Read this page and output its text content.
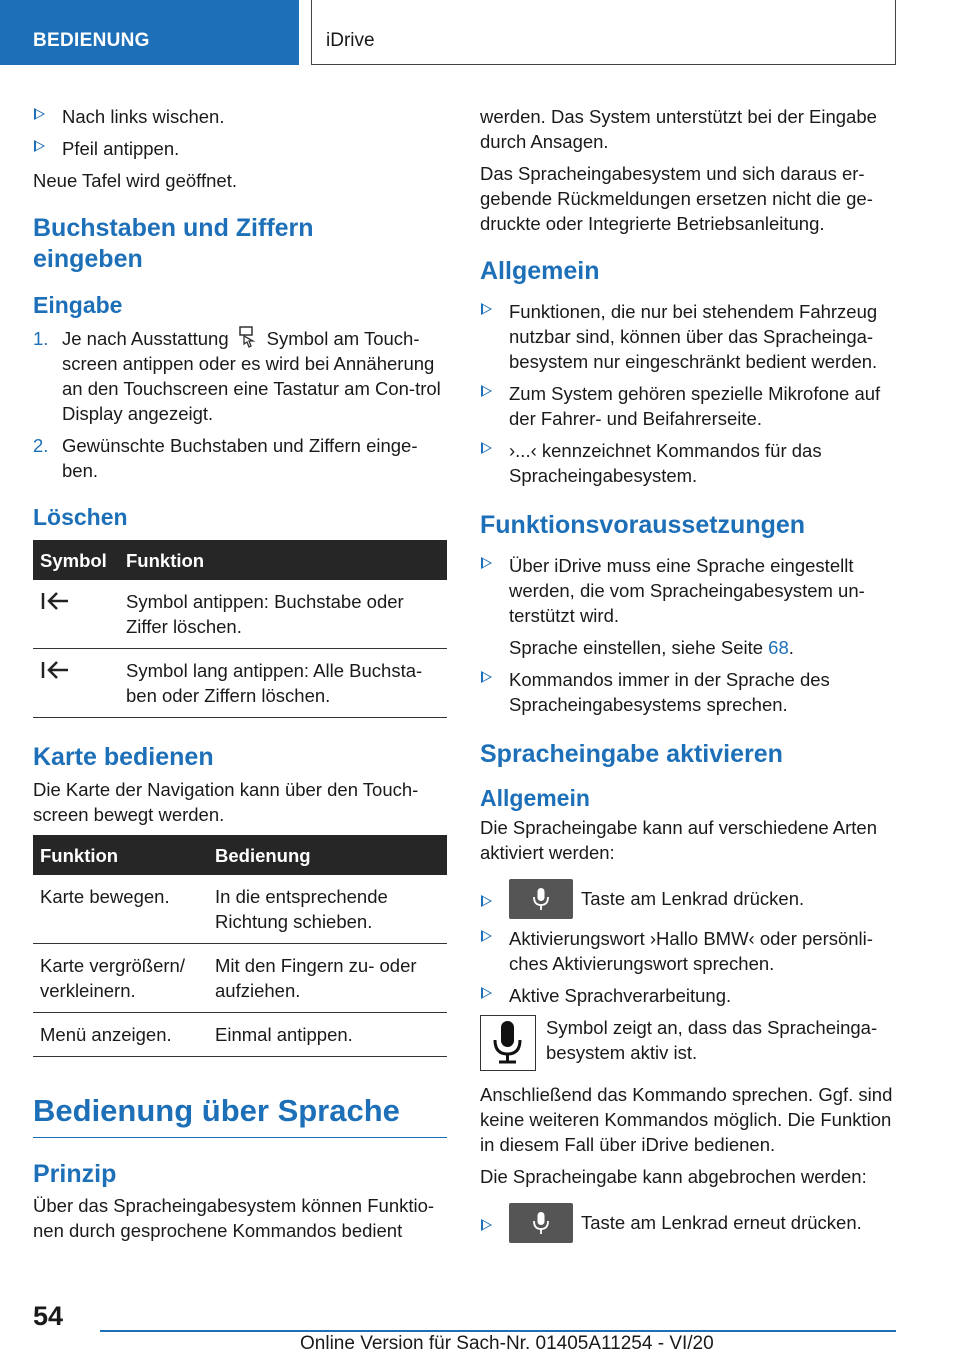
BEDIENUNG	iDrive
Nach links wischen.
Pfeil antippen.

Neue Tafel wird geöffnet.

Buchstaben und Ziffern eingeben
Eingabe
1. Je nach Ausstattung Symbol am Touch-screen antippen oder es wird bei Annäherung an den Touchscreen eine Tastatur am Con-trol Display angezeigt.
2. Gewünschte Buchstaben und Ziffern einge-ben.
Löschen
Symbol	Funktion
	Symbol antippen: Buchstabe oder Ziffer löschen.
	Symbol lang antippen: Alle Buchsta-ben oder Ziffern löschen.
Karte bedienen

Die Karte der Navigation kann über den Touch-screen bewegt werden.

Funktion	Bedienung
Karte bewegen.	In die entsprechende Richtung schieben.
Karte vergrößern/ verkleinern.	Mit den Fingern zu- oder aufziehen.
Menü anzeigen.	Einmal antippen.
Bedienung über Sprache
Prinzip

Über das Spracheingabesystem können Funktio-nen durch gesprochene Kommandos bedient

werden. Das System unterstützt bei der Eingabe durch Ansagen.

Das Spracheingabesystem und sich daraus er-gebende Rückmeldungen ersetzen nicht die ge-druckte oder Integrierte Betriebsanleitung.

Allgemein
Funktionen, die nur bei stehendem Fahrzeug nutzbar sind, können über das Spracheinga-besystem nur eingeschränkt bedient werden.
Zum System gehören spezielle Mikrofone auf der Fahrer- und Beifahrerseite.
›...‹ kennzeichnet Kommandos für das Spracheingabesystem.
Funktionsvoraussetzungen
Über iDrive muss eine Sprache eingestellt werden, die vom Spracheingabesystem un-terstützt wird.

Sprache einstellen, siehe Seite 68.

Kommandos immer in der Sprache des Spracheingabesystems sprechen.
Spracheingabe aktivieren
Allgemein

Die Spracheingabe kann auf verschiedene Arten aktiviert werden:

Taste am Lenkrad drücken.
Aktivierungswort ›Hallo BMW‹ oder persönli-ches Aktivierungswort sprechen.
Aktive Sprachverarbeitung.
Symbol zeigt an, dass das Spracheinga-besystem aktiv ist.

Anschließend das Kommando sprechen. Ggf. sind keine weiteren Kommandos möglich. Die Funktion in diesem Fall über iDrive bedienen.

Die Spracheingabe kann abgebrochen werden:

Taste am Lenkrad erneut drücken.
54
Online Version für Sach-Nr. 01405A11254 - VI/20
